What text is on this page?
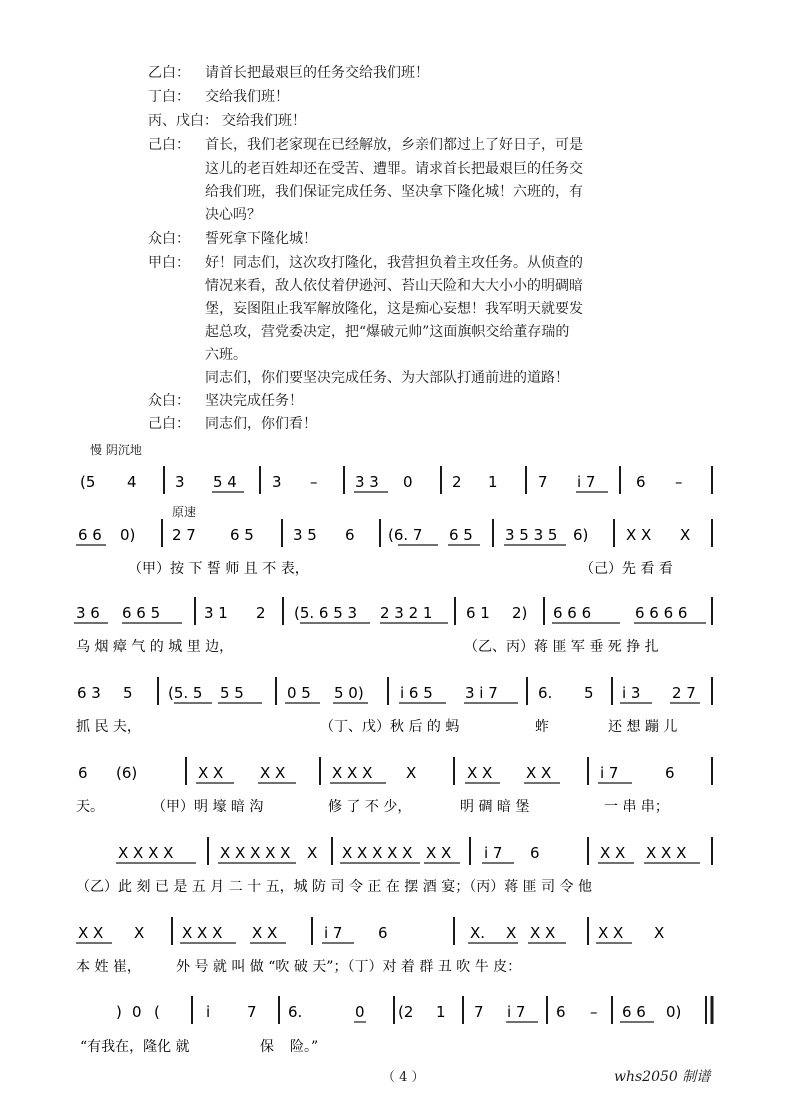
乙白：	请首长把最艰巨的任务交给我们班！
丁白：	交给我们班！
丙、戊白： 交给我们班！
己白：	首长，我们老家现在已经解放，乡亲们都过上了好日子，可是
这儿的老百姓却还在受苦、遭罪。请求首长把最艰巨的任务交
给我们班，我们保证完成任务、坚决拿下隆化城！六班的，有
决心吗？
众白：	誓死拿下隆化城！
甲白：	好！同志们，这次攻打隆化，我营担负着主攻任务。从侦查的
情况来看，敌人依仗着伊逊河、苔山天险和大大小小的明碉暗
堡，妄图阻止我军解放隆化，这是痴心妄想！我军明天就要发
起总攻，营党委决定，把“爆破元帅”这面旗帜交给董存瑞的
六班。
同志们，你们要坚决完成任务、为大部队打通前进的道路！
众白：	坚决完成任务！
己白：	同志们，你们看！
慢 阴沉地
原速
(5 4	3 5 4 3 –	3 3 0	2 1	7 i 7	6 –
6 6 0) 2 7 6 5	3 5 6 (6. 7 6 5 3 5 3 5 6)	X X X
（甲）按 下 誓 师 且 不 表，	（己）先 看 看
3 6 6 6 5	3 1 2 (5. 6 5 3 2 3 2 1 6 1 2) 6 6 6	6 6 6 6
乌 烟 瘴 气 的 城 里 边，	（乙、丙）蒋 匪 军 垂 死 挣 扎
6 3 5 (5. 5 5 5	0 5 5 0) i 6 5 3 i 7	6. 5 i 3 2 7
抓 民 夫，	（丁、戊）秋 后 的 蚂	蚱	还 想 蹦 儿
6 (6)	X X X X	X X X X	X X X X	i 7	6
天。	（甲）明 壕 暗 沟	修 了 不 少，	明 碉 暗 堡	一 串 串；
X X X X	X X X X X X X X X X X X X i 7 6	X X X X X
（乙）此 刻 已 是 五 月 二 十 五，城 防 司 令 正 在 摆 酒 宴；（丙）蒋 匪 司 令 他
X X X	X X X X X	i 7 6	X. X X X	X X X
本 姓 崔，	外 号 就 叫 做 “吹 破 天”；（丁）对 着 群 丑 吹 牛 皮：
) 0 (	i 7 6.	0 (2 1 7 i 7 6 – 6 6 0)
“有我在，隆化 就	保 险。”
（ 4 ）	whs2050 制谱
